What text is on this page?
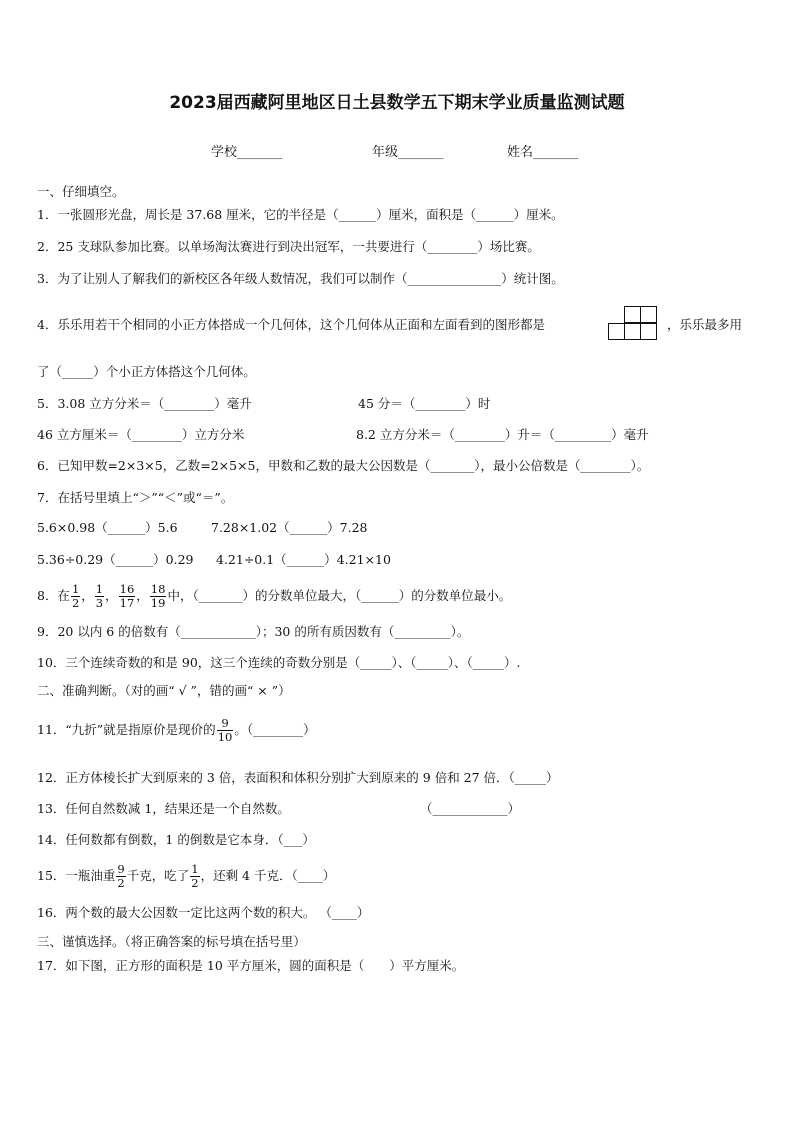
2023届西藏阿里地区日土县数学五下期末学业质量监测试题
学校_______	年级_______	姓名_______
一、仔细填空。
1．一张圆形光盘，周长是 37.68 厘米，它的半径是（______）厘米，面积是（______）厘米。
2．25 支球队参加比赛。以单场淘汰赛进行到决出冠军，一共要进行（________）场比赛。
3．为了让别人了解我们的新校区各年级人数情况，我们可以制作（_______________）统计图。
4．乐乐用若干个相同的小正方体搭成一个几何体，这个几何体从正面和左面看到的图形都是	，乐乐最多用
了（_____）个小正方体搭这个几何体。
5．3.08 立方分米＝（________）毫升	45 分＝（________）时
46 立方厘米＝（________）立方分米	8.2 立方分米＝（________）升＝（_________）毫升
6．已知甲数=2×3×5，乙数=2×5×5，甲数和乙数的最大公因数是（_______），最小公倍数是（________）。
7．在括号里填上“＞”“＜”或“＝”。
5.6×0.98（______）5.6	7.28×1.02（______）7.28
5.36÷0.29（______）0.29 4.21÷0.1（______）4.21×10
8．在 $\frac{1}{2}$ ， $\frac{1}{3}$ ， $\frac{16}{17}$ ， $\frac{18}{19}$ 中，（_______）的分数单位最大，（______）的分数单位最小。
9．20 以内 6 的倍数有（____________）；30 的所有质因数有（_________）。
10．三个连续奇数的和是 90，这三个连续的奇数分别是（_____）、（_____）、（_____）.
二、准确判断。（对的画“ √ ”，错的画“ × ”）
11．“九折”就是指原价是现价的 $\frac{9}{10}$ 。（________）
12．正方体棱长扩大到原来的 3 倍，表面积和体积分别扩大到原来的 9 倍和 27 倍．（_____）
13．任何自然数减 1，结果还是一个自然数。	（____________）
14．任何数都有倒数，1 的倒数是它本身．（___）
15．一瓶油重 $\frac{9}{2}$ 千克，吃了 $\frac{1}{2}$ ，还剩 4 千克．（____）
16．两个数的最大公因数一定比这两个数的积大。 （____）
三、谨慎选择。（将正确答案的标号填在括号里）
17．如下图，正方形的面积是 10 平方厘米，圆的面积是（　　）平方厘米。
